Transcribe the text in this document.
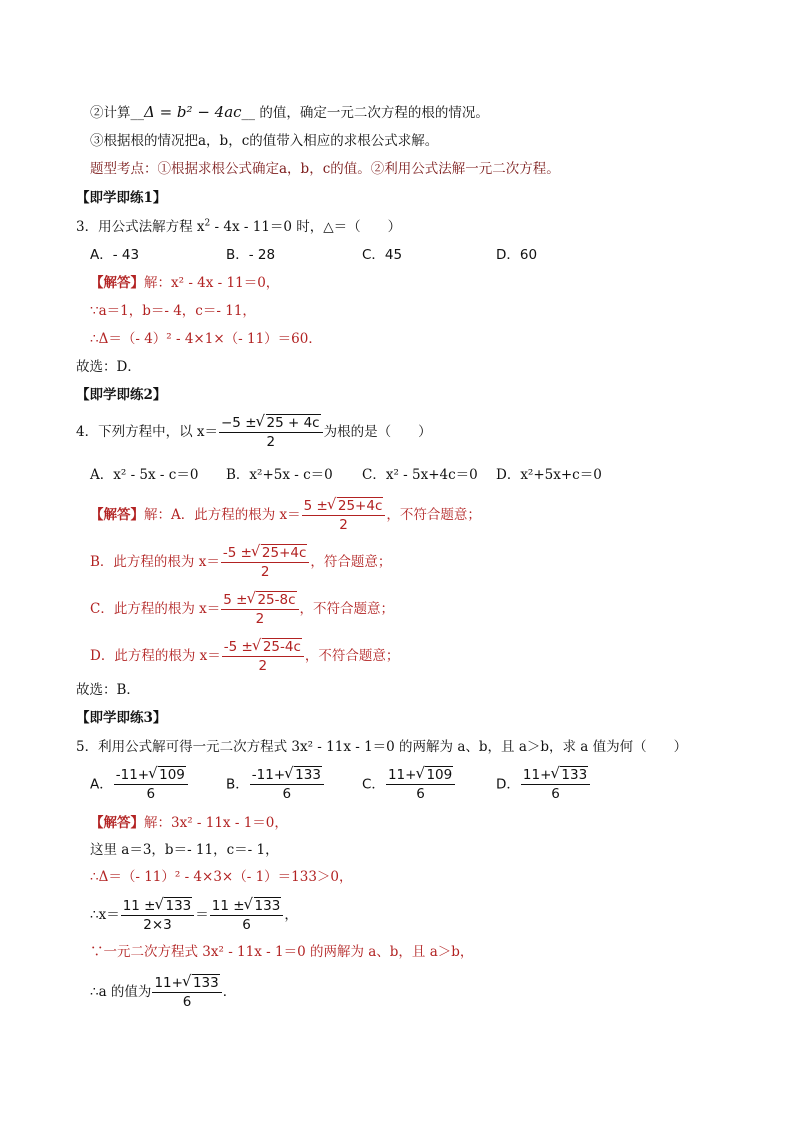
②计算__Δ = b² − 4ac__ 的值，确定一元二次方程的根的情况。
③根据根的情况把a，b，c的值带入相应的求根公式求解。
题型考点：①根据求根公式确定a，b，c的值。②利用公式法解一元二次方程。
【即学即练1】
3．用公式法解方程 $x^2 - 4x - 11=0$ 时，△＝（　　）
A．- 43	B．- 28	C．45	D．60
【解答】解：x² - 4x - 11＝0，
∵a＝1，b＝- 4，c＝- 11，
∴Δ＝（- 4）² - 4×1×（- 11）＝60．
故选：D．
【即学即练2】
4．下列方程中，以 $x= \frac{-5 \pm √ 25 + 4c}{2}$ 为根的是（　　）
A．x² - 5x - c＝0 B．x²+5x - c＝0 C．x² - 5x+4c＝0 D．x²+5x+c＝0
【解答】解：A．此方程的根为 $x= \frac{5 \pm √ 25+4c}{2}$ ，不符合题意；
B．此方程的根为 $x= \frac{-5 \pm √ 25+4c}{2}$ ，符合题意；
C．此方程的根为 $x= \frac{5 \pm √ 25-8c}{2}$ ，不符合题意；
D．此方程的根为 $x= \frac{-5 \pm √ 25-4c}{2}$ ，不符合题意；
故选：B．
【即学即练3】
5．利用公式解可得一元二次方程式 3x² - 11x - 1＝0 的两解为 a、b，且 a＞b，求 a 值为何（　　）
A． $\frac{-11+ √ 109}{6}$	B． $\frac{-11+ √ 133}{6}$	C． $\frac{11+ √ 109}{6}$	D． $\frac{11+ √ 133}{6}$
【解答】解：3x² - 11x - 1＝0，
这里 a＝3，b＝- 11，c＝- 1，
∴Δ＝（- 11）² - 4×3×（- 1）＝133＞0，
∴x＝ $\frac{11 \pm √ 133}{2\times 3} = \frac{11 \pm √ 133}{6}$ ，
∵一元二次方程式 3x² - 11x - 1＝0 的两解为 a、b，且 a＞b，
∴a 的值为 $\frac{11+ √ 133}{6}$ ．
